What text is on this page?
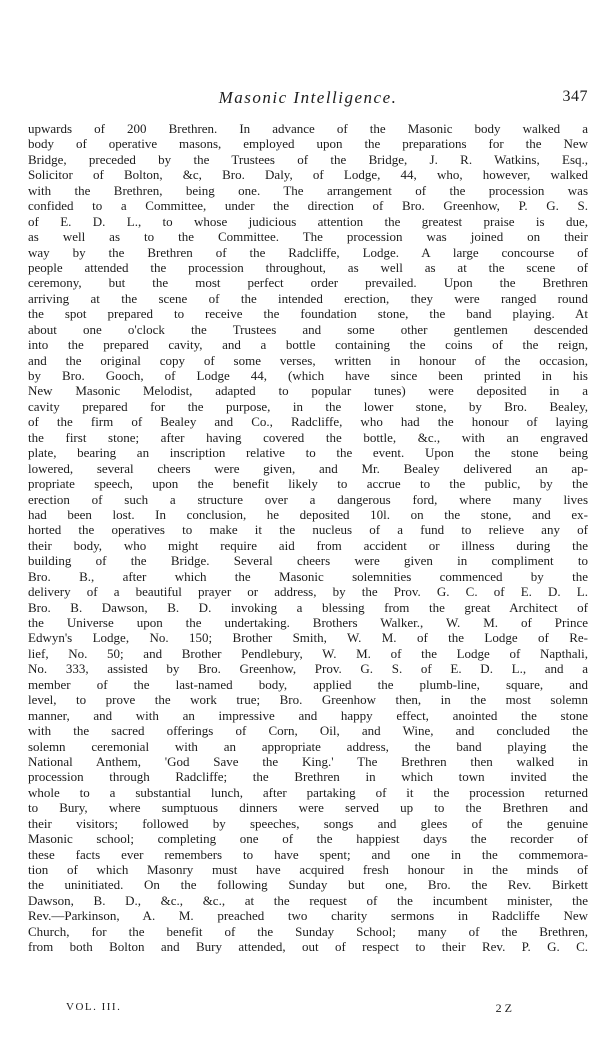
Masonic Intelligence.	347
upwards of 200 Brethren. In advance of the Masonic body walked a
body of operative masons, employed upon the preparations for the New
Bridge, preceded by the Trustees of the Bridge, J. R. Watkins, Esq.,
Solicitor of Bolton, &c, Bro. Daly, of Lodge, 44, who, however, walked
with the Brethren, being one. The arrangement of the procession was
confided to a Committee, under the direction of Bro. Greenhow, P. G. S.
of E. D. L., to whose judicious attention the greatest praise is due,
as well as to the Committee. The procession was joined on their
way by the Brethren of the Radcliffe, Lodge. A large concourse of
people attended the procession throughout, as well as at the scene of
ceremony, but the most perfect order prevailed. Upon the Brethren
arriving at the scene of the intended erection, they were ranged round
the spot prepared to receive the foundation stone, the band playing. At
about one o'clock the Trustees and some other gentlemen descended
into the prepared cavity, and a bottle containing the coins of the reign,
and the original copy of some verses, written in honour of the occasion,
by Bro. Gooch, of Lodge 44, (which have since been printed in his
New Masonic Melodist, adapted to popular tunes) were deposited in a
cavity prepared for the purpose, in the lower stone, by Bro. Bealey,
of the firm of Bealey and Co., Radcliffe, who had the honour of laying
the first stone; after having covered the bottle, &c., with an engraved
plate, bearing an inscription relative to the event. Upon the stone being
lowered, several cheers were given, and Mr. Bealey delivered an ap-
propriate speech, upon the benefit likely to accrue to the public, by the
erection of such a structure over a dangerous ford, where many lives
had been lost. In conclusion, he deposited 10l. on the stone, and ex-
horted the operatives to make it the nucleus of a fund to relieve any of
their body, who might require aid from accident or illness during the
building of the Bridge. Several cheers were given in compliment to
Bro. B., after which the Masonic solemnities commenced by the
delivery of a beautiful prayer or address, by the Prov. G. C. of E. D. L.
Bro. B. Dawson, B. D. invoking a blessing from the great Architect of
the Universe upon the undertaking. Brothers Walker., W. M. of Prince
Edwyn's Lodge, No. 150; Brother Smith, W. M. of the Lodge of Re-
lief, No. 50; and Brother Pendlebury, W. M. of the Lodge of Napthali,
No. 333, assisted by Bro. Greenhow, Prov. G. S. of E. D. L., and a
member of the last-named body, applied the plumb-line, square, and
level, to prove the work true; Bro. Greenhow then, in the most solemn
manner, and with an impressive and happy effect, anointed the stone
with the sacred offerings of Corn, Oil, and Wine, and concluded the
solemn ceremonial with an appropriate address, the band playing the
National Anthem, 'God Save the King.' The Brethren then walked in
procession through Radcliffe; the Brethren in which town invited the
whole to a substantial lunch, after partaking of it the procession returned
to Bury, where sumptuous dinners were served up to the Brethren and
their visitors; followed by speeches, songs and glees of the genuine
Masonic school; completing one of the happiest days the recorder of
these facts ever remembers to have spent; and one in the commemora-
tion of which Masonry must have acquired fresh honour in the minds of
the uninitiated. On the following Sunday but one, Bro. the Rev. Birkett
Dawson, B. D., &c., &c., at the request of the incumbent minister, the
Rev.—Parkinson, A. M. preached two charity sermons in Radcliffe New
Church, for the benefit of the Sunday School; many of the Brethren,
from both Bolton and Bury attended, out of respect to their Rev. P. G. C.
VOL. III.	2 Z
